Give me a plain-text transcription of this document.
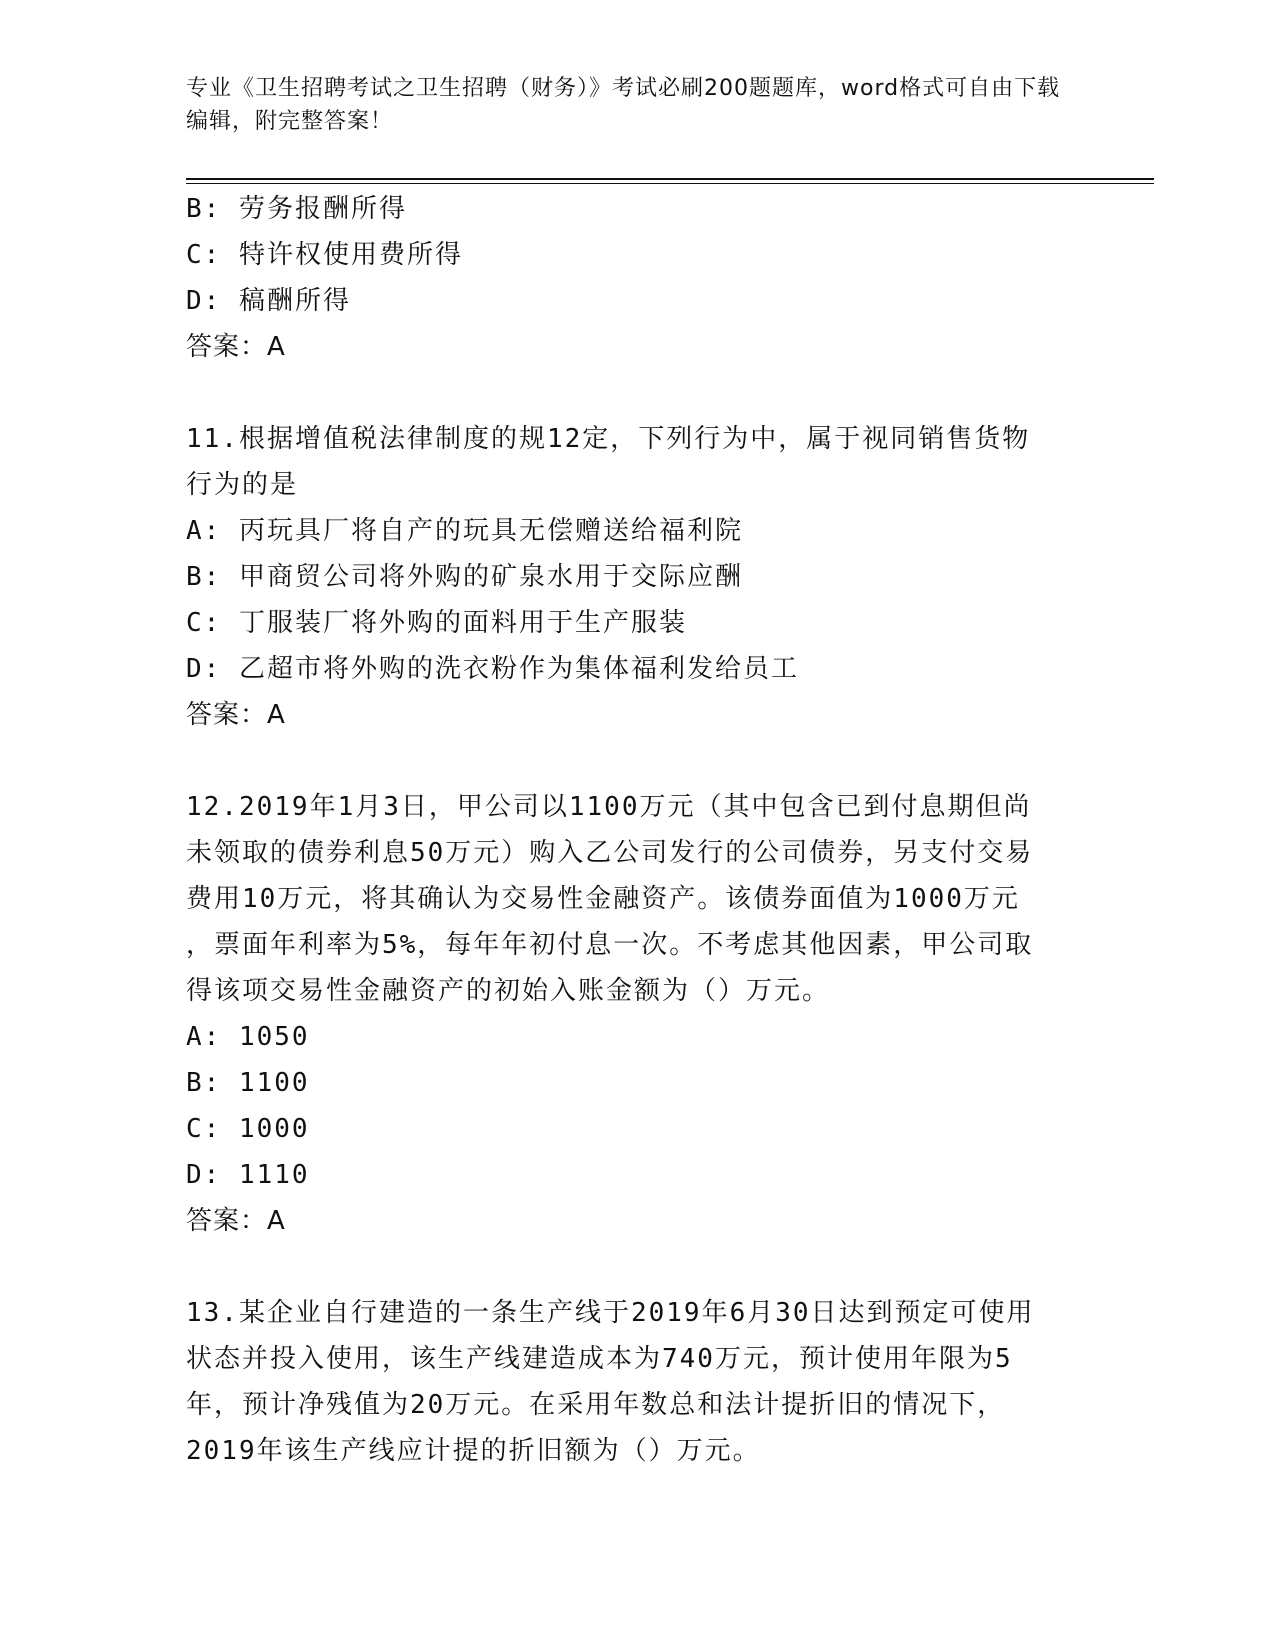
专业《卫生招聘考试之卫生招聘（财务）》考试必刷200题题库，word格式可自由下载编辑，附完整答案！
B: 劳务报酬所得
C: 特许权使用费所得
D: 稿酬所得
答案：A
11.根据增值税法律制度的规12定，下列行为中，属于视同销售货物
行为的是
A: 丙玩具厂将自产的玩具无偿赠送给福利院
B: 甲商贸公司将外购的矿泉水用于交际应酬
C: 丁服装厂将外购的面料用于生产服装
D: 乙超市将外购的洗衣粉作为集体福利发给员工
答案：A
12.2019年1月3日，甲公司以1100万元（其中包含已到付息期但尚
未领取的债券利息50万元）购入乙公司发行的公司债券，另支付交易
费用10万元，将其确认为交易性金融资产。该债券面值为1000万元
，票面年利率为5%，每年年初付息一次。不考虑其他因素，甲公司取
得该项交易性金融资产的初始入账金额为（）万元。
A: 1050
B: 1100
C: 1000
D: 1110
答案：A
13.某企业自行建造的一条生产线于2019年6月30日达到预定可使用
状态并投入使用，该生产线建造成本为740万元，预计使用年限为5
年，预计净残值为20万元。在采用年数总和法计提折旧的情况下，
2019年该生产线应计提的折旧额为（）万元。
